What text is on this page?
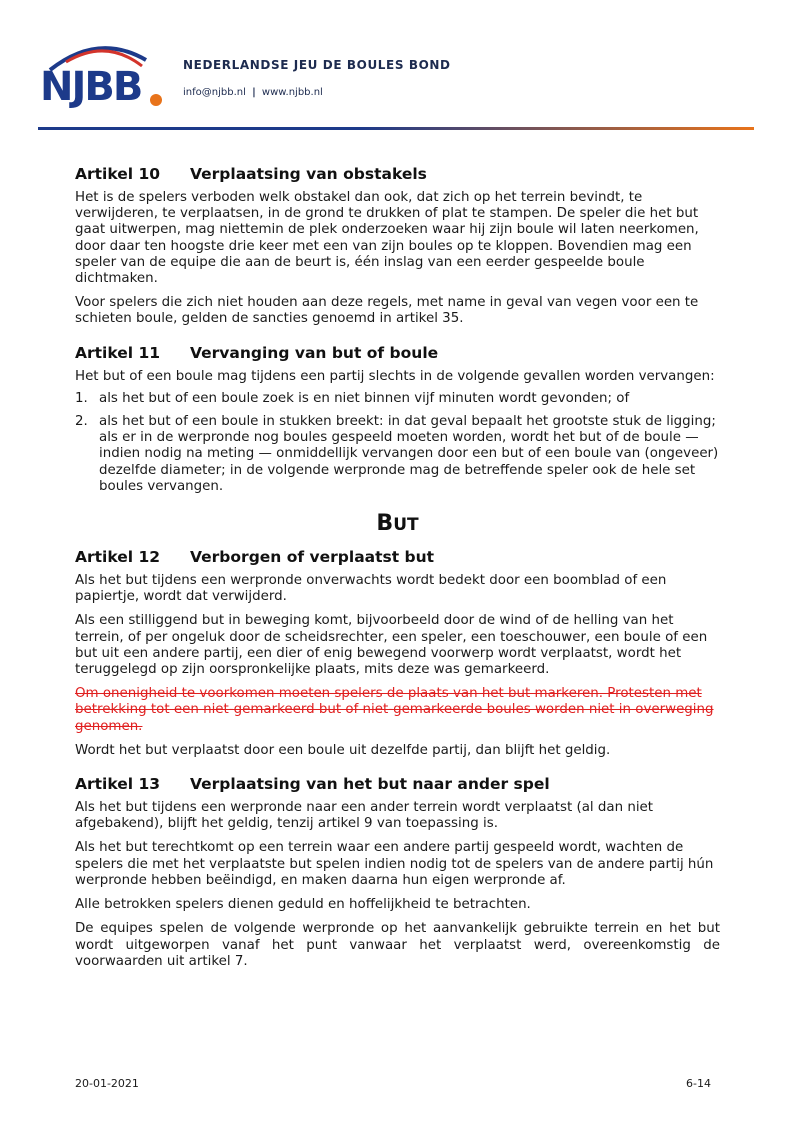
NJBB	NEDERLANDSE JEU DE BOULES BOND
info@njbb.nl | www.njbb.nl
Artikel 10 Verplaatsing van obstakels

Het is de spelers verboden welk obstakel dan ook, dat zich op het terrein bevindt, te verwijderen, te verplaatsen, in de grond te drukken of plat te stampen. De speler die het but gaat uitwerpen, mag niettemin de plek onderzoeken waar hij zijn boule wil laten neerkomen, door daar ten hoogste drie keer met een van zijn boules op te kloppen. Bovendien mag een speler van de equipe die aan de beurt is, één inslag van een eerder gespeelde boule dichtmaken.

Voor spelers die zich niet houden aan deze regels, met name in geval van vegen voor een te schieten boule, gelden de sancties genoemd in artikel 35.

Artikel 11 Vervanging van but of boule

Het but of een boule mag tijdens een partij slechts in de volgende gevallen worden vervangen:

1. als het but of een boule zoek is en niet binnen vijf minuten wordt gevonden; of
2. als het but of een boule in stukken breekt: in dat geval bepaalt het grootste stuk de ligging; als er in de werpronde nog boules gespeeld moeten worden, wordt het but of de boule — indien nodig na meting — onmiddellijk vervangen door een but of een boule van (ongeveer) dezelfde diameter; in de volgende werpronde mag de betreffende speler ook de hele set boules vervangen.
BUT
Artikel 12 Verborgen of verplaatst but

Als het but tijdens een werpronde onverwachts wordt bedekt door een boomblad of een papiertje, wordt dat verwijderd.

Als een stilliggend but in beweging komt, bijvoorbeeld door de wind of de helling van het terrein, of per ongeluk door de scheidsrechter, een speler, een toeschouwer, een boule of een but uit een andere partij, een dier of enig bewegend voorwerp wordt verplaatst, wordt het teruggelegd op zijn oorspronkelijke plaats, mits deze was gemarkeerd.

Om onenigheid te voorkomen moeten spelers de plaats van het but markeren. Protesten met betrekking tot een niet-gemarkeerd but of niet-gemarkeerde boules worden niet in overweging genomen.

Wordt het but verplaatst door een boule uit dezelfde partij, dan blijft het geldig.

Artikel 13 Verplaatsing van het but naar ander spel

Als het but tijdens een werpronde naar een ander terrein wordt verplaatst (al dan niet afgebakend), blijft het geldig, tenzij artikel 9 van toepassing is.

Als het but terechtkomt op een terrein waar een andere partij gespeeld wordt, wachten de spelers die met het verplaatste but spelen indien nodig tot de spelers van de andere partij hún werpronde hebben beëindigd, en maken daarna hun eigen werpronde af.

Alle betrokken spelers dienen geduld en hoffelijkheid te betrachten.

De equipes spelen de volgende werpronde op het aanvankelijk gebruikte terrein en het but wordt uitgeworpen vanaf het punt vanwaar het verplaatst werd, overeenkomstig de voorwaarden uit artikel 7.

20-01-2021	6-14
